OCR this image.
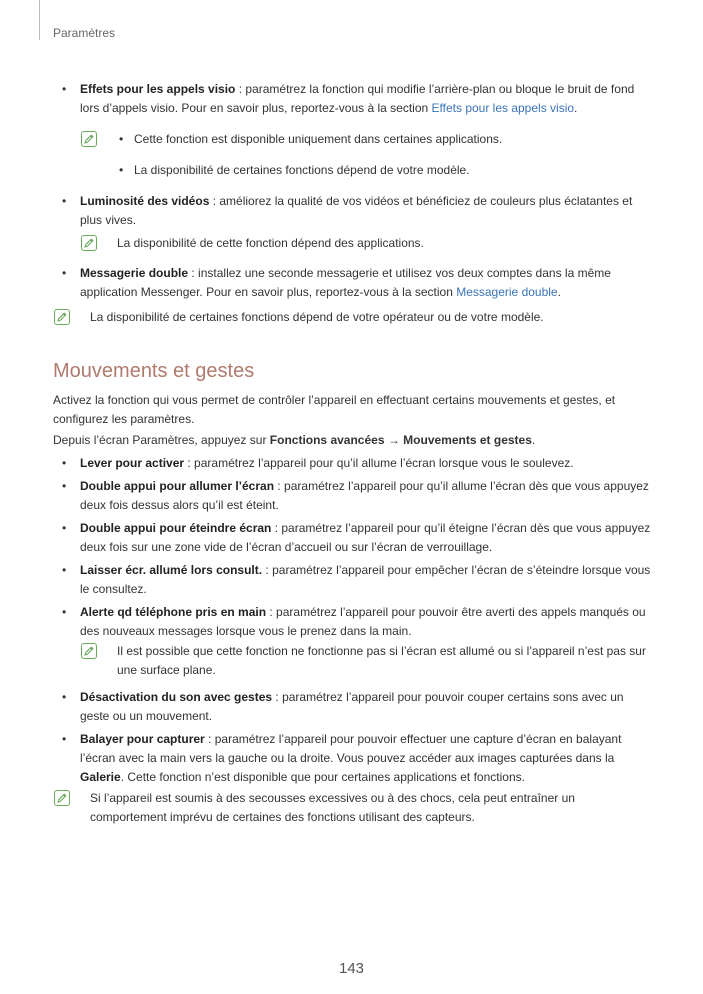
Paramètres

• Effets pour les appels visio : paramétrez la fonction qui modifie l’arrière-plan ou bloque le bruit de fond lors d’appels visio. Pour en savoir plus, reportez-vous à la section Effets pour les appels visio.

• Cette fonction est disponible uniquement dans certaines applications.

• La disponibilité de certaines fonctions dépend de votre modèle.

• Luminosité des vidéos : améliorez la qualité de vos vidéos et bénéficiez de couleurs plus éclatantes et plus vives.

La disponibilité de cette fonction dépend des applications.

• Messagerie double : installez une seconde messagerie et utilisez vos deux comptes dans la même application Messenger. Pour en savoir plus, reportez-vous à la section Messagerie double.

La disponibilité de certaines fonctions dépend de votre opérateur ou de votre modèle.

Mouvements et gestes

Activez la fonction qui vous permet de contrôler l’appareil en effectuant certains mouvements et gestes, et configurez les paramètres.

Depuis l’écran Paramètres, appuyez sur Fonctions avancées → Mouvements et gestes.

• Lever pour activer : paramétrez l’appareil pour qu’il allume l’écran lorsque vous le soulevez.

• Double appui pour allumer l’écran : paramétrez l’appareil pour qu’il allume l’écran dès que vous appuyez deux fois dessus alors qu’il est éteint.

• Double appui pour éteindre écran : paramétrez l’appareil pour qu’il éteigne l’écran dès que vous appuyez deux fois sur une zone vide de l’écran d’accueil ou sur l’écran de verrouillage.

• Laisser écr. allumé lors consult. : paramétrez l’appareil pour empêcher l’écran de s’éteindre lorsque vous le consultez.

• Alerte qd téléphone pris en main : paramétrez l’appareil pour pouvoir être averti des appels manqués ou des nouveaux messages lorsque vous le prenez dans la main.

Il est possible que cette fonction ne fonctionne pas si l’écran est allumé ou si l’appareil n’est pas sur une surface plane.

• Désactivation du son avec gestes : paramétrez l’appareil pour pouvoir couper certains sons avec un geste ou un mouvement.

• Balayer pour capturer : paramétrez l’appareil pour pouvoir effectuer une capture d’écran en balayant l’écran avec la main vers la gauche ou la droite. Vous pouvez accéder aux images capturées dans la Galerie. Cette fonction n’est disponible que pour certaines applications et fonctions.

Si l’appareil est soumis à des secousses excessives ou à des chocs, cela peut entraîner un comportement imprévu de certaines des fonctions utilisant des capteurs.

143
